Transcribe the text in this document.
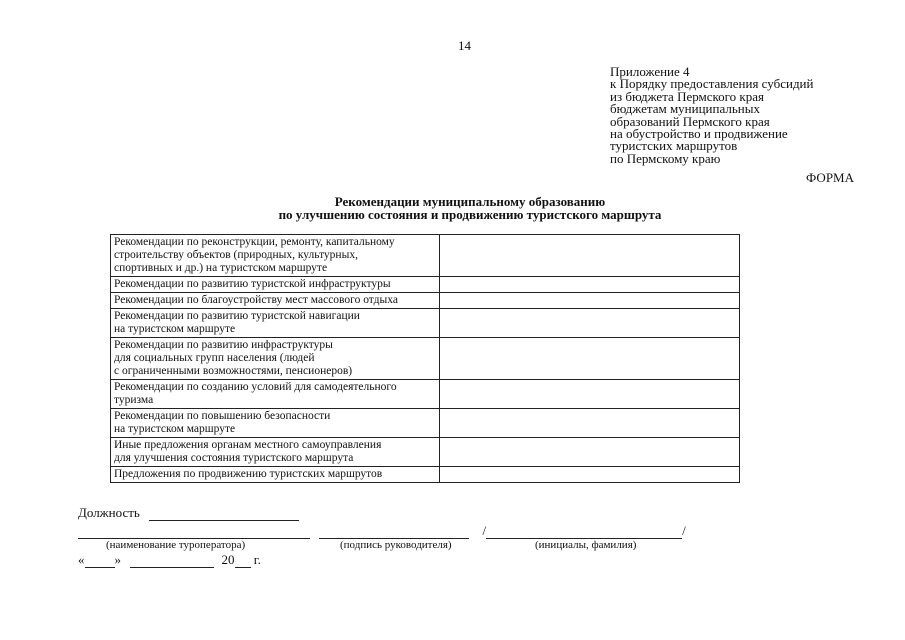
14
Приложение 4
к Порядку предоставления субсидий
из бюджета Пермского края
бюджетам муниципальных
образований Пермского края
на обустройство и продвижение
туристских маршрутов
по Пермскому краю
ФОРМА
Рекомендации муниципальному образованию
по улучшению состояния и продвижению туристского маршрута
Рекомендации по реконструкции, ремонту, капитальному
строительству объектов (природных, культурных,
спортивных и др.) на туристском маршруте	

Рекомендации по развитию туристской инфраструктуры	

Рекомендации по благоустройству мест массового отдыха	

Рекомендации по развитию туристской навигации
на туристском маршруте	

Рекомендации по развитию инфраструктуры
для социальных групп населения (людей
с ограниченными возможностями, пенсионеров)	

Рекомендации по созданию условий для самодеятельного
туризма	

Рекомендации по повышению безопасности
на туристском маршруте	

Иные предложения органам местного самоуправления
для улучшения состояния туристского маршрута	

Предложения по продвижению туристских маршрутов	

Должность
/	/
(наименование туроператора)	(подпись руководителя)	(инициалы, фамилия)
« »	20 г.
